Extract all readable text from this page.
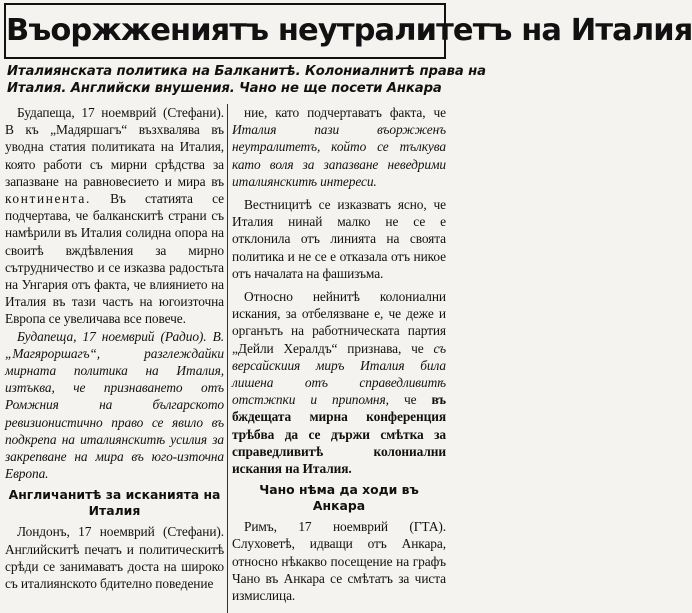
Въоржжениятъ неутралитетъ на Италия
Италиянската политика на Балканитѣ. Колониалнитѣ права на
Италия. Английски внушения. Чано не ще посети Анкара

Будапеща, 17 ноемврий (Стефани). В къ „Мадяршагъ“ възхвалява въ уводна статия политиката на Италия, която работи съ мирни срѣдства за запазване на равновесието и мира въ континента. Въ статията се подчертава, че балканскитѣ страни съ намѣрили въ Италия солидна опора на своитѣ вждѣвления за мирно сътрудничество и се изказва радостьта на Унгария отъ факта, че влиянието на Италия въ тази частъ на югоизточна Европа се увеличава все повече.

Будапеща, 17 ноемврий (Радио). В. „Магяроршагъ“, разглеждайки мирната политика на Италия, изтъква, че признаването отъ Ромжния на българското ревизионистично право се явило въ подкрепа на италиянскитѣ усилия за закрепване на мира въ юго-източна Европа.

Англичанитѣ за исканията на Италия

Лондонъ, 17 ноемврий (Стефани). Английскитѣ печатъ и политическитѣ срѣди се занимаватъ доста на широко съ италиянското бдително поведение

ние, като подчертаватъ факта, че Италия пази въоржженъ неутралитетъ, който се тълкува като воля за запазване неведрими италиянскитѣ интереси.

Вестницитѣ се изказватъ ясно, че Италия нинай малко не се е отклонила отъ линията на своята политика и не се е отказала отъ никое отъ началата на фашизъма.

Относно нейнитѣ колониални искания, за отбелязване е, че дежe и органътъ на работническата партия „Дейли Хералдъ“ признава, че съ версайскиия миръ Италия била лишена отъ справедливитѣ отстжпки и припомня, че въ бждещата мирна конференция трѣбва да се държи смѣтка за справедливитѣ колониални искания на Италия.

Чано нѣма да ходи въ Анкара

Римъ, 17 ноемврий (ГТА). Слуховетѣ, идващи отъ Анкара, относно нѣкакво посещение на графъ Чано въ Анкара се смѣтатъ за чиста измислица.
